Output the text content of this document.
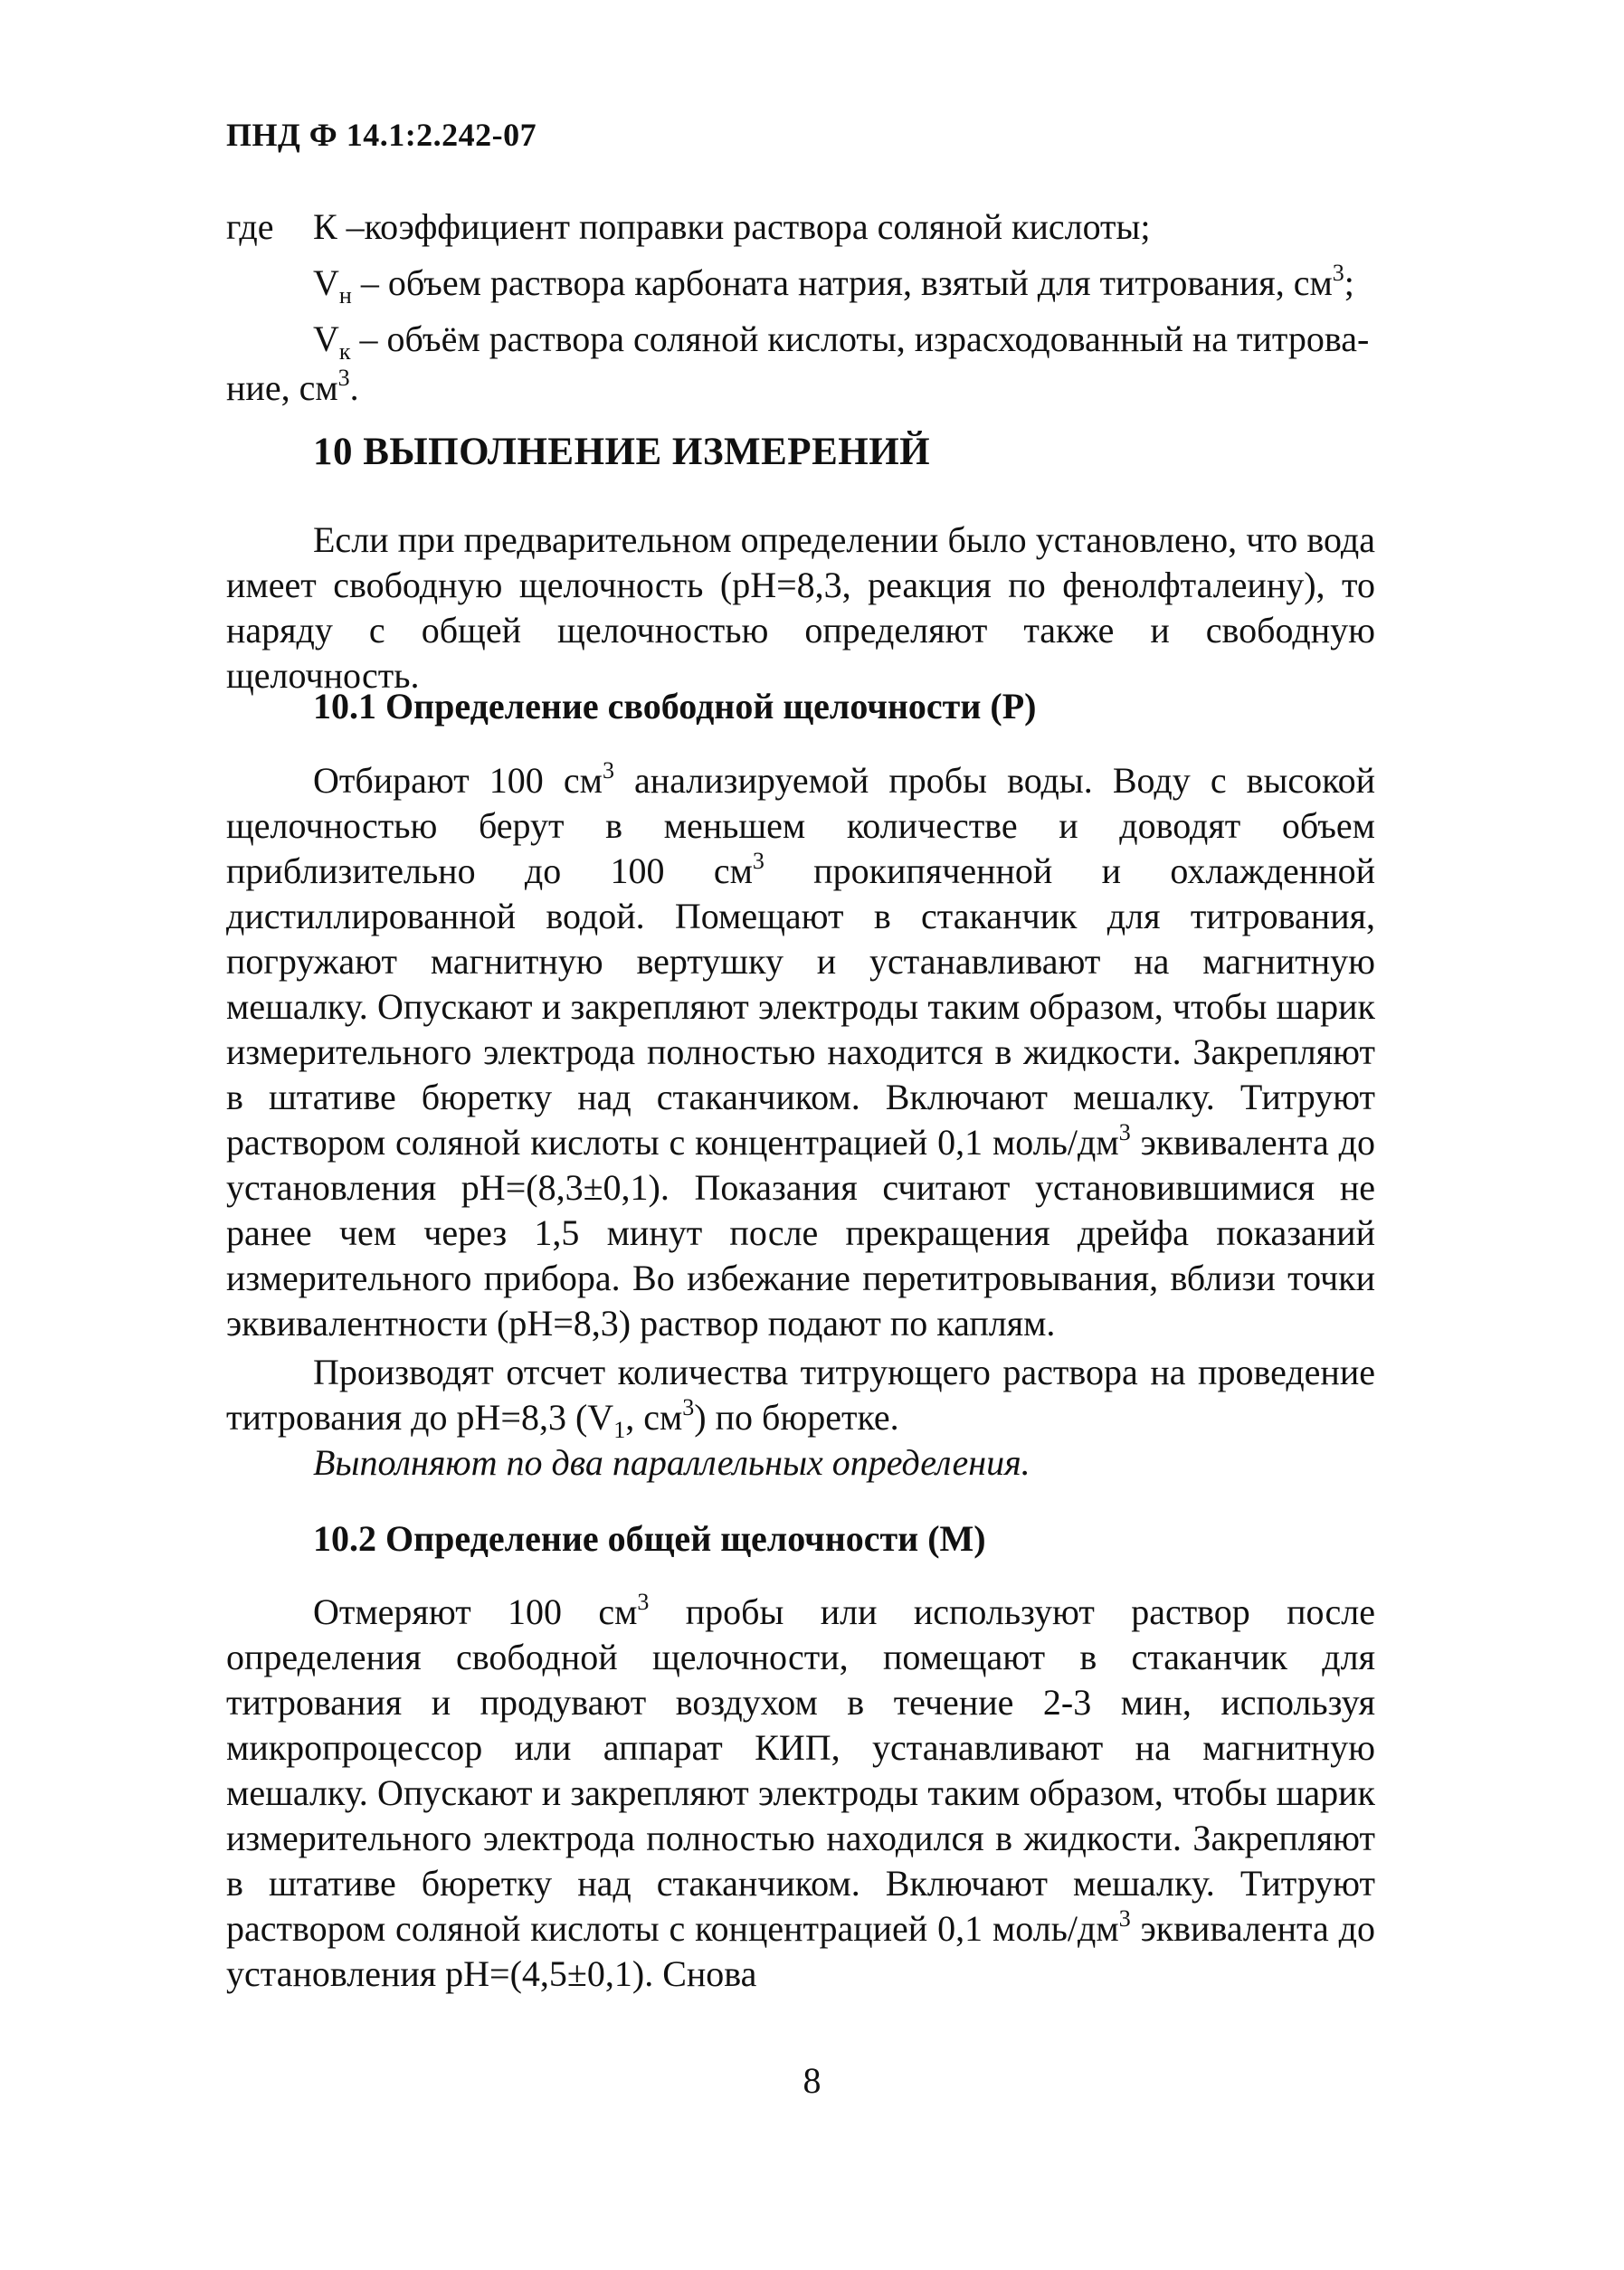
ПНД Ф 14.1:2.242-07
где К –коэффициент поправки раствора соляной кислоты;
$V_н$ – объем раствора карбоната натрия, взятый для титрования, $см^3$;
$V_к$ – объём раствора соляной кислоты, израсходованный на титрова-
ние, $см^3$.
10 ВЫПОЛНЕНИЕ ИЗМЕРЕНИЙ
Если при предварительном определении было установлено, что вода имеет свободную щелочность (pH=8,3, реакция по фенолфталеину), то наряду с общей щелочностью определяют также и свободную щелочность.
10.1 Определение свободной щелочности (Р)
Отбирают 100 $см^3$ анализируемой пробы воды. Воду с высокой щелочностью берут в меньшем количестве и доводят объем приблизительно до 100 $см^3$ прокипяченной и охлажденной дистиллированной водой. Помещают в стаканчик для титрования, погружают магнитную вертушку и устанавливают на магнитную мешалку. Опускают и закрепляют электроды таким образом, чтобы шарик измерительного электрода полностью находится в жидкости. Закрепляют в штативе бюретку над стаканчиком. Включают мешалку. Титруют раствором соляной кислоты с концентрацией 0,1 моль/$дм^3$ эквивалента до установления pH=(8,3±0,1). Показания считают установившимися не ранее чем через 1,5 минут после прекращения дрейфа показаний измерительного прибора. Во избежание перетитровывания, вблизи точки эквивалентности (pH=8,3) раствор подают по каплям.
Производят отсчет количества титрующего раствора на проведение титрования до pH=8,3 ($V_1$, $см^3$) по бюретке.
Выполняют по два параллельных определения.
10.2 Определение общей щелочности (М)
Отмеряют 100 $см^3$ пробы или используют раствор после определения свободной щелочности, помещают в стаканчик для титрования и продувают воздухом в течение 2-3 мин, используя микропроцессор или аппарат КИП, устанавливают на магнитную мешалку. Опускают и закрепляют электроды таким образом, чтобы шарик измерительного электрода полностью находился в жидкости. Закрепляют в штативе бюретку над стаканчиком. Включают мешалку. Титруют раствором соляной кислоты с концентрацией 0,1 моль/$дм^3$ эквивалента до установления pH=(4,5±0,1). Снова
8
